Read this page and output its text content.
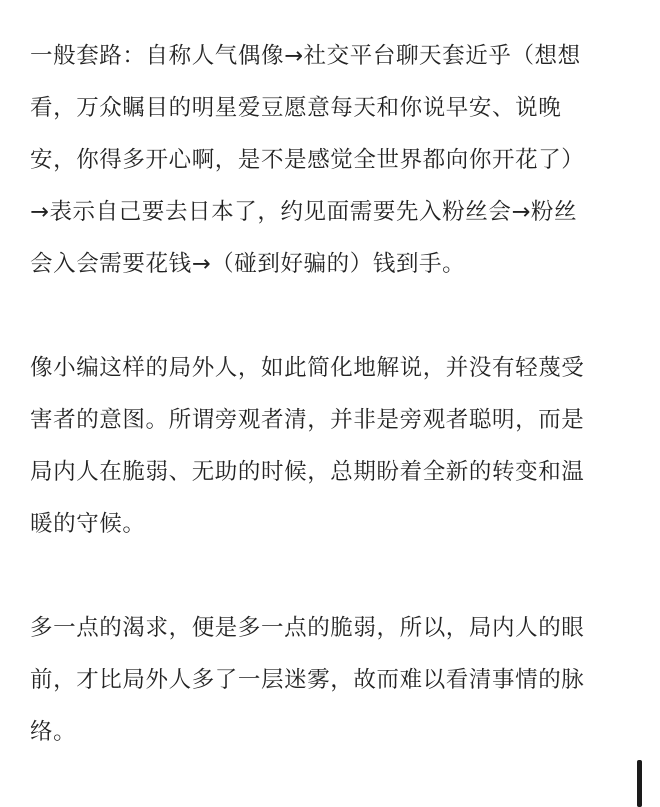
一般套路：自称人气偶像→社交平台聊天套近乎（想想
看，万众瞩目的明星爱豆愿意每天和你说早安、说晚
安，你得多开心啊，是不是感觉全世界都向你开花了）
→表示自己要去日本了，约见面需要先入粉丝会→粉丝
会入会需要花钱→（碰到好骗的）钱到手。

像小编这样的局外人，如此简化地解说，并没有轻蔑受
害者的意图。所谓旁观者清，并非是旁观者聪明，而是
局内人在脆弱、无助的时候，总期盼着全新的转变和温
暖的守候。

多一点的渴求，便是多一点的脆弱，所以，局内人的眼
前，才比局外人多了一层迷雾，故而难以看清事情的脉
络。
